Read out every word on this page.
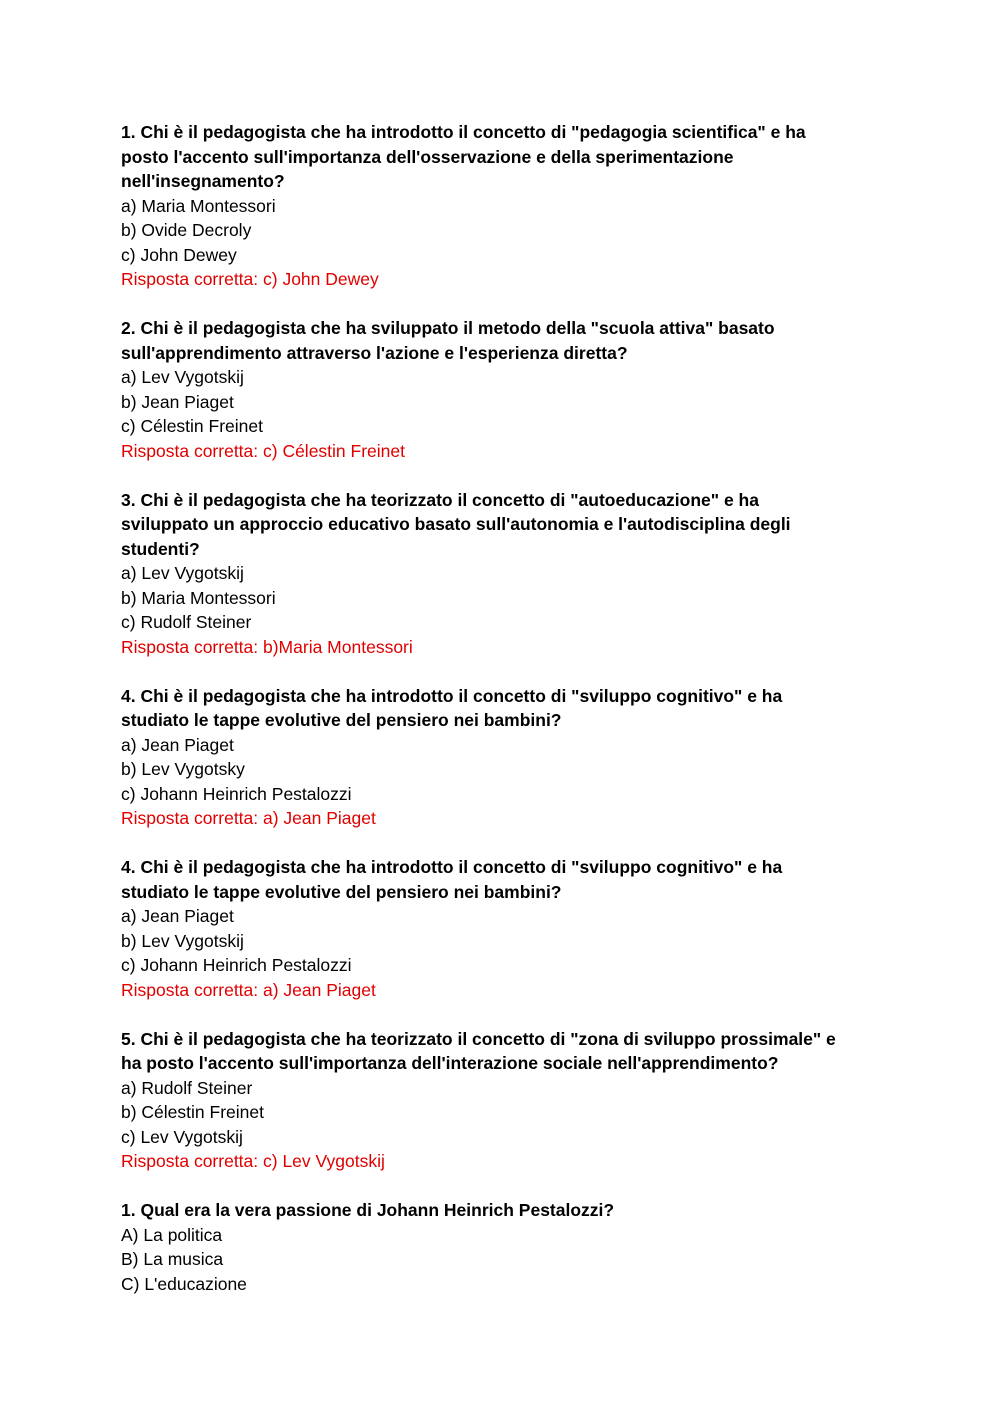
1. Chi è il pedagogista che ha introdotto il concetto di "pedagogia scientifica" e ha
posto l'accento sull'importanza dell'osservazione e della sperimentazione
nell'insegnamento?
a) Maria Montessori
b) Ovide Decroly
c) John Dewey
Risposta corretta: c) John Dewey
2. Chi è il pedagogista che ha sviluppato il metodo della "scuola attiva" basato
sull'apprendimento attraverso l'azione e l'esperienza diretta?
a) Lev Vygotskij
b) Jean Piaget
c) Célestin Freinet
Risposta corretta: c) Célestin Freinet
3. Chi è il pedagogista che ha teorizzato il concetto di "autoeducazione" e ha
sviluppato un approccio educativo basato sull'autonomia e l'autodisciplina degli
studenti?
a) Lev Vygotskij
b) Maria Montessori
c) Rudolf Steiner
Risposta corretta: b)Maria Montessori
4. Chi è il pedagogista che ha introdotto il concetto di "sviluppo cognitivo" e ha
studiato le tappe evolutive del pensiero nei bambini?
a) Jean Piaget
b) Lev Vygotsky
c) Johann Heinrich Pestalozzi
Risposta corretta: a) Jean Piaget
4. Chi è il pedagogista che ha introdotto il concetto di "sviluppo cognitivo" e ha
studiato le tappe evolutive del pensiero nei bambini?
a) Jean Piaget
b) Lev Vygotskij
c) Johann Heinrich Pestalozzi
Risposta corretta: a) Jean Piaget
5. Chi è il pedagogista che ha teorizzato il concetto di "zona di sviluppo prossimale" e
ha posto l'accento sull'importanza dell'interazione sociale nell'apprendimento?
a) Rudolf Steiner
b) Célestin Freinet
c) Lev Vygotskij
Risposta corretta: c) Lev Vygotskij
1. Qual era la vera passione di Johann Heinrich Pestalozzi?
A) La politica
B) La musica
C) L'educazione
